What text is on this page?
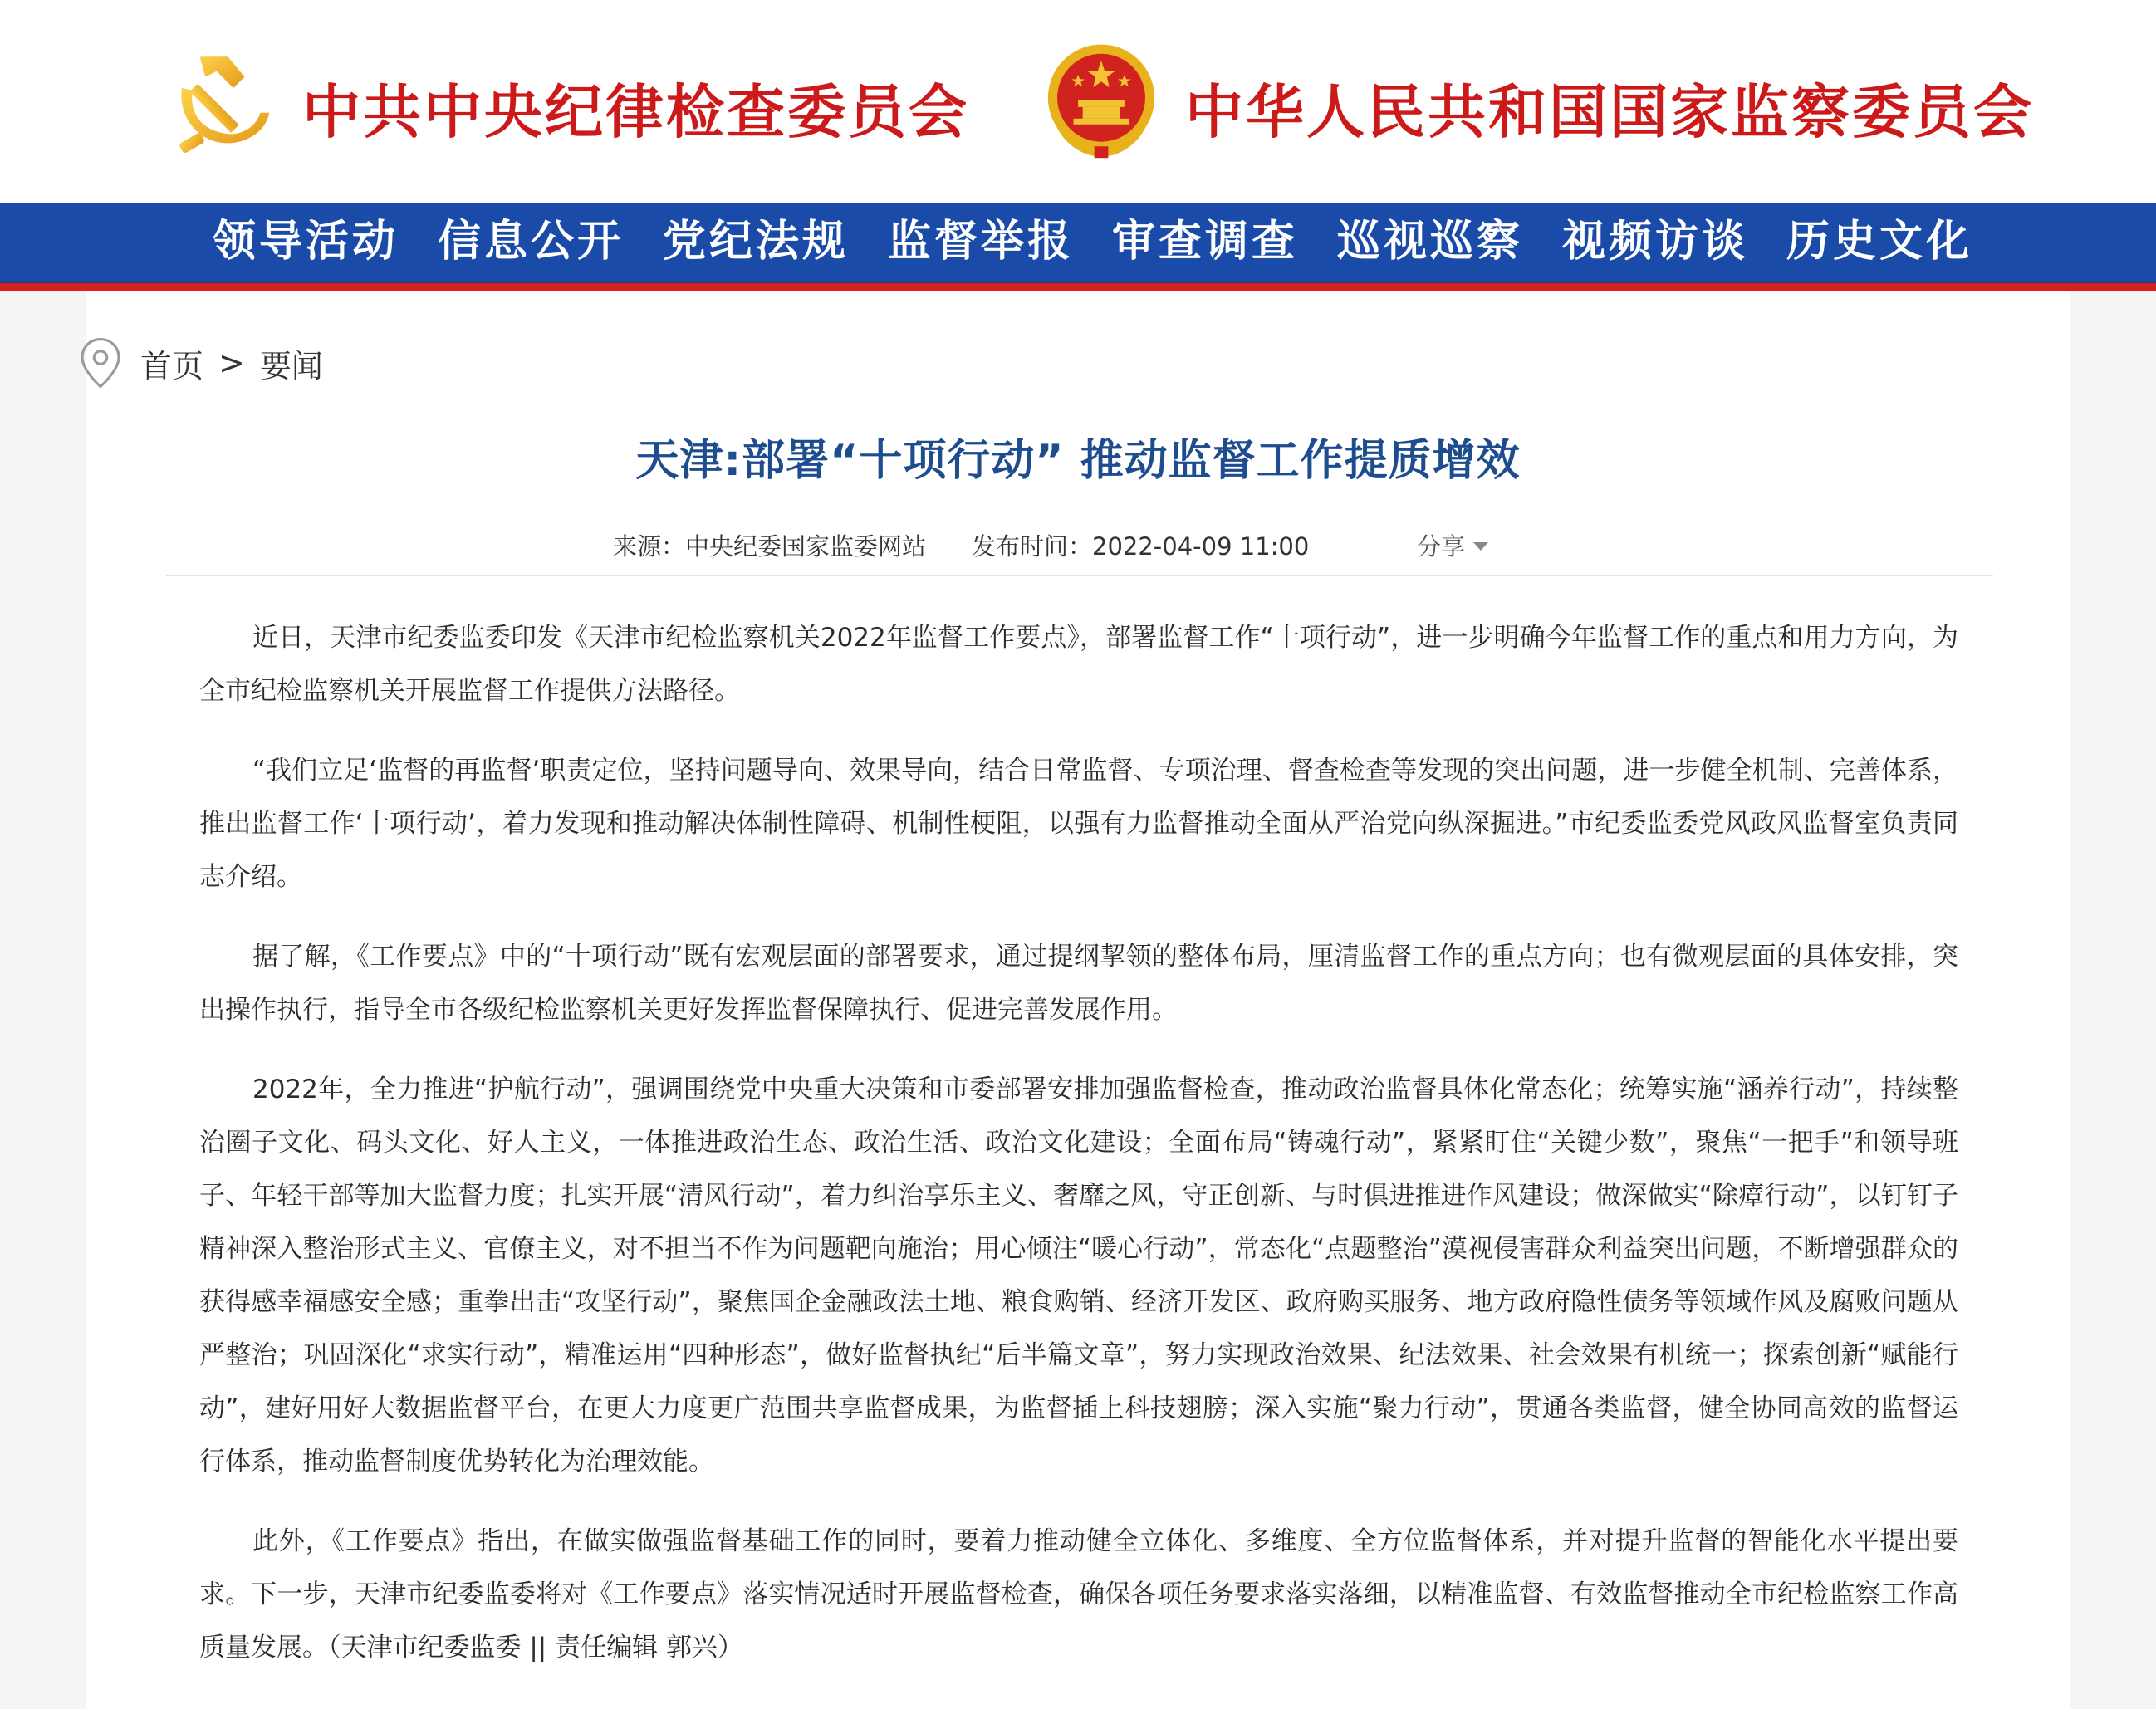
中共中央纪律检查委员会	中华人民共和国国家监察委员会
领导活动 信息公开 党纪法规 监督举报 审查调查 巡视巡察 视频访谈 历史文化
首页 > 要闻
天津:部署“十项行动” 推动监督工作提质增效
来源：中央纪委国家监委网站 发布时间：2022-04-09 11:00	分享

近日，天津市纪委监委印发《天津市纪检监察机关2022年监督工作要点》，部署监督工作“十项行动”，进一步明确今年监督工作的重点和用力方向，为全市纪检监察机关开展监督工作提供方法路径。

“我们立足‘监督的再监督’职责定位，坚持问题导向、效果导向，结合日常监督、专项治理、督查检查等发现的突出问题，进一步健全机制、完善体系，推出监督工作‘十项行动’，着力发现和推动解决体制性障碍、机制性梗阻，以强有力监督推动全面从严治党向纵深掘进。”市纪委监委党风政风监督室负责同志介绍。

据了解，《工作要点》中的“十项行动”既有宏观层面的部署要求，通过提纲挈领的整体布局，厘清监督工作的重点方向；也有微观层面的具体安排，突出操作执行，指导全市各级纪检监察机关更好发挥监督保障执行、促进完善发展作用。

2022年，全力推进“护航行动”，强调围绕党中央重大决策和市委部署安排加强监督检查，推动政治监督具体化常态化；统筹实施“涵养行动”，持续整治圈子文化、码头文化、好人主义，一体推进政治生态、政治生活、政治文化建设；全面布局“铸魂行动”，紧紧盯住“关键少数”，聚焦“一把手”和领导班子、年轻干部等加大监督力度；扎实开展“清风行动”，着力纠治享乐主义、奢靡之风，守正创新、与时俱进推进作风建设；做深做实“除瘴行动”，以钉钉子精神深入整治形式主义、官僚主义，对不担当不作为问题靶向施治；用心倾注“暖心行动”，常态化“点题整治”漠视侵害群众利益突出问题，不断增强群众的获得感幸福感安全感；重拳出击“攻坚行动”，聚焦国企金融政法土地、粮食购销、经济开发区、政府购买服务、地方政府隐性债务等领域作风及腐败问题从严整治；巩固深化“求实行动”，精准运用“四种形态”，做好监督执纪“后半篇文章”，努力实现政治效果、纪法效果、社会效果有机统一；探索创新“赋能行动”，建好用好大数据监督平台，在更大力度更广范围共享监督成果，为监督插上科技翅膀；深入实施“聚力行动”，贯通各类监督，健全协同高效的监督运行体系，推动监督制度优势转化为治理效能。

此外，《工作要点》指出，在做实做强监督基础工作的同时，要着力推动健全立体化、多维度、全方位监督体系，并对提升监督的智能化水平提出要求。下一步，天津市纪委监委将对《工作要点》落实情况适时开展监督检查，确保各项任务要求落实落细，以精准监督、有效监督推动全市纪检监察工作高质量发展。（天津市纪委监委 || 责任编辑 郭兴）
